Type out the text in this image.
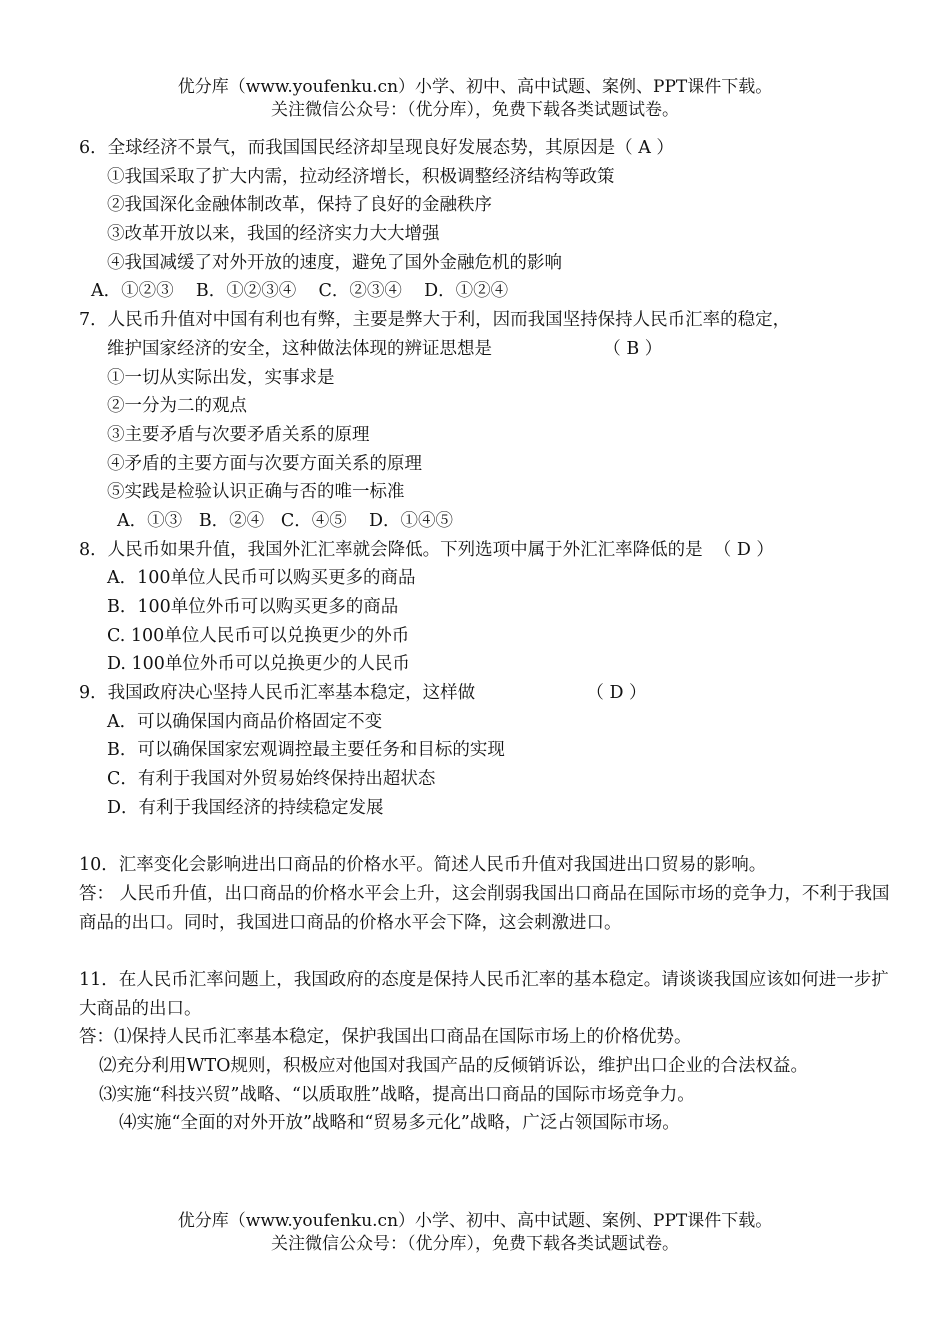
优分库（www.youfenku.cn）小学、初中、高中试题、案例、PPT课件下载。
关注微信公众号：（优分库），免费下载各类试题试卷。
6．全球经济不景气，而我国国民经济却呈现良好发展态势，其原因是（ A ）
①我国采取了扩大内需，拉动经济增长，积极调整经济结构等政策
②我国深化金融体制改革，保持了良好的金融秩序
③改革开放以来，我国的经济实力大大增强
④我国减缓了对外开放的速度，避免了国外金融危机的影响
A．①②③    B．①②③④    C．②③④    D．①②④
7．人民币升值对中国有利也有弊，主要是弊大于利，因而我国坚持保持人民币汇率的稳定，
维护国家经济的安全，这种做法体现的辨证思想是                    （ B ）
①一切从实际出发，实事求是
②一分为二的观点
③主要矛盾与次要矛盾关系的原理
④矛盾的主要方面与次要方面关系的原理
⑤实践是检验认识正确与否的唯一标准
A．①③   B．②④   C．④⑤    D．①④⑤
8．人民币如果升值，我国外汇汇率就会降低。下列选项中属于外汇汇率降低的是  （ D ）
A．100单位人民币可以购买更多的商品
B．100单位外币可以购买更多的商品
C. 100单位人民币可以兑换更少的外币
D. 100单位外币可以兑换更少的人民币
9．我国政府决心坚持人民币汇率基本稳定，这样做                    （ D ）
A．可以确保国内商品价格固定不变
B．可以确保国家宏观调控最主要任务和目标的实现
C．有利于我国对外贸易始终保持出超状态
D．有利于我国经济的持续稳定发展
10．汇率变化会影响进出口商品的价格水平。简述人民币升值对我国进出口贸易的影响。
答： 人民币升值，出口商品的价格水平会上升，这会削弱我国出口商品在国际市场的竞争力，不利于我国商品的出口。同时，我国进口商品的价格水平会下降，这会刺激进口。
11．在人民币汇率问题上，我国政府的态度是保持人民币汇率的基本稳定。请谈谈我国应该如何进一步扩大商品的出口。
答：⑴保持人民币汇率基本稳定，保护我国出口商品在国际市场上的价格优势。
⑵充分利用WTO规则，积极应对他国对我国产品的反倾销诉讼，维护出口企业的合法权益。
⑶实施“科技兴贸”战略、“以质取胜”战略，提高出口商品的国际市场竞争力。
⑷实施“全面的对外开放”战略和“贸易多元化”战略，广泛占领国际市场。
优分库（www.youfenku.cn）小学、初中、高中试题、案例、PPT课件下载。
关注微信公众号：（优分库），免费下载各类试题试卷。
